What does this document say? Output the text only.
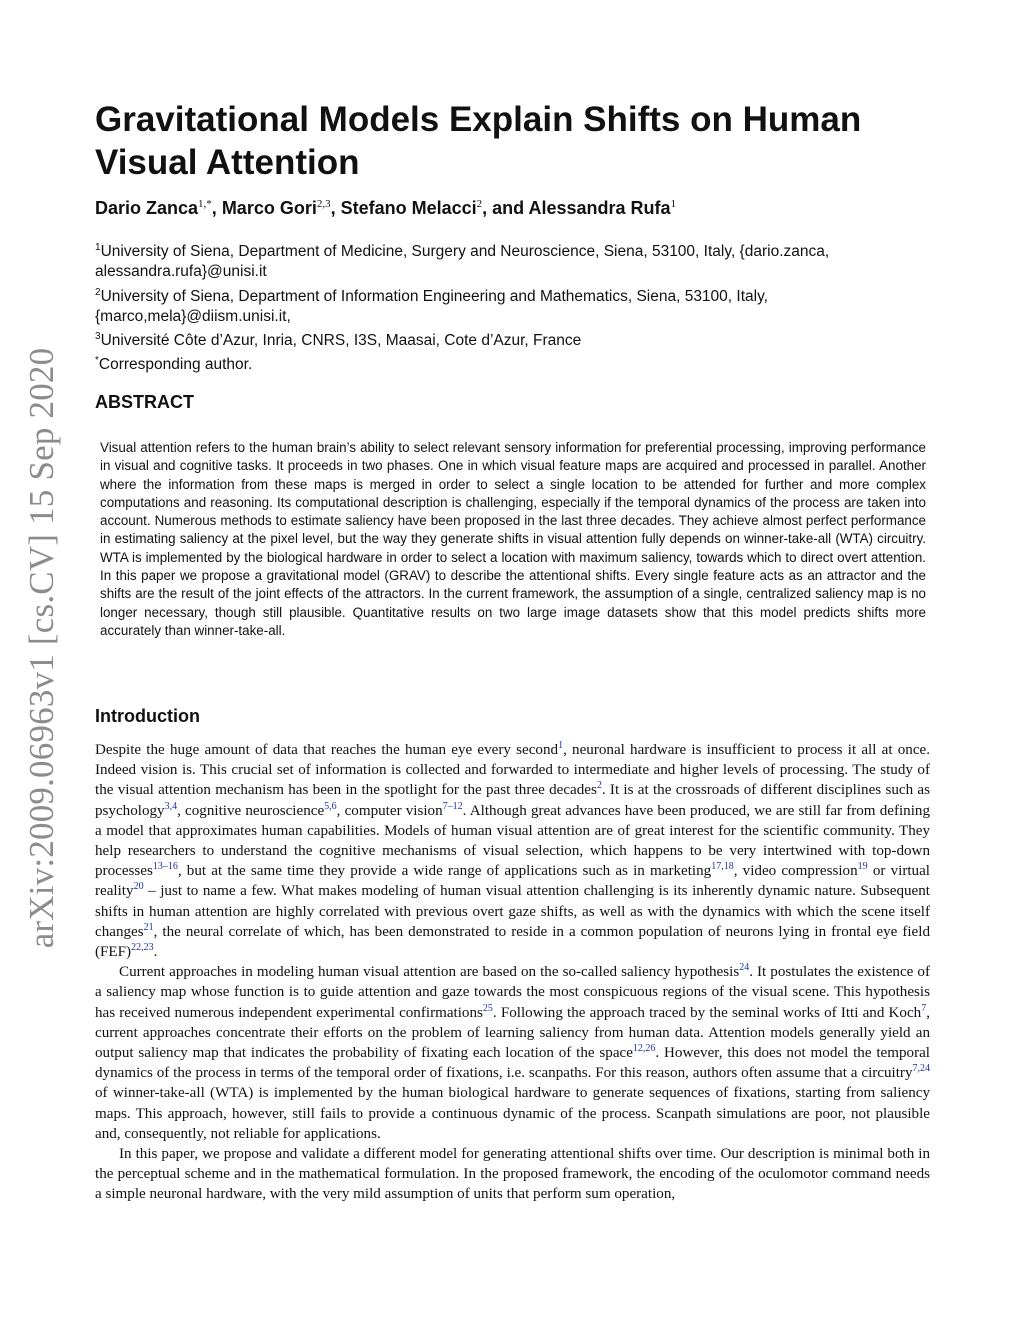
arXiv:2009.06963v1 [cs.CV] 15 Sep 2020
Gravitational Models Explain Shifts on Human Visual Attention
Dario Zanca$^{1,*}$, Marco Gori$^{2,3}$, Stefano Melacci$^2$, and Alessandra Rufa$^1$
$^1$University of Siena, Department of Medicine, Surgery and Neuroscience, Siena, 53100, Italy, {dario.zanca, alessandra.rufa}@unisi.it
$^2$University of Siena, Department of Information Engineering and Mathematics, Siena, 53100, Italy, {marco,mela}@diism.unisi.it,
$^3$Université Côte d’Azur, Inria, CNRS, I3S, Maasai, Cote d’Azur, France
*Corresponding author.
ABSTRACT
Visual attention refers to the human brain’s ability to select relevant sensory information for preferential processing, improving performance in visual and cognitive tasks. It proceeds in two phases. One in which visual feature maps are acquired and processed in parallel. Another where the information from these maps is merged in order to select a single location to be attended for further and more complex computations and reasoning. Its computational description is challenging, especially if the temporal dynamics of the process are taken into account. Numerous methods to estimate saliency have been proposed in the last three decades. They achieve almost perfect performance in estimating saliency at the pixel level, but the way they generate shifts in visual attention fully depends on winner-take-all (WTA) circuitry. WTA is implemented by the biological hardware in order to select a location with maximum saliency, towards which to direct overt attention. In this paper we propose a gravitational model (GRAV) to describe the attentional shifts. Every single feature acts as an attractor and the shifts are the result of the joint effects of the attractors. In the current framework, the assumption of a single, centralized saliency map is no longer necessary, though still plausible. Quantitative results on two large image datasets show that this model predicts shifts more accurately than winner-take-all.
Introduction

Despite the huge amount of data that reaches the human eye every second$^1$, neuronal hardware is insufficient to process it all at once. Indeed vision is. This crucial set of information is collected and forwarded to intermediate and higher levels of processing. The study of the visual attention mechanism has been in the spotlight for the past three decades$^2$. It is at the crossroads of different disciplines such as psychology$^{3,4}$, cognitive neuroscience$^{5,6}$, computer vision$^{7-12}$. Although great advances have been produced, we are still far from defining a model that approximates human capabilities. Models of human visual attention are of great interest for the scientific community. They help researchers to understand the cognitive mechanisms of visual selection, which happens to be very intertwined with top-down processes$^{13-16}$, but at the same time they provide a wide range of applications such as in marketing$^{17,18}$, video compression$^{19}$ or virtual reality$^{20}$ – just to name a few. What makes modeling of human visual attention challenging is its inherently dynamic nature. Subsequent shifts in human attention are highly correlated with previous overt gaze shifts, as well as with the dynamics with which the scene itself changes$^{21}$, the neural correlate of which, has been demonstrated to reside in a common population of neurons lying in frontal eye field (FEF)$^{22,23}$.

Current approaches in modeling human visual attention are based on the so-called saliency hypothesis$^{24}$. It postulates the existence of a saliency map whose function is to guide attention and gaze towards the most conspicuous regions of the visual scene. This hypothesis has received numerous independent experimental confirmations$^{25}$. Following the approach traced by the seminal works of Itti and Koch$^7$, current approaches concentrate their efforts on the problem of learning saliency from human data. Attention models generally yield an output saliency map that indicates the probability of fixating each location of the space$^{12,26}$. However, this does not model the temporal dynamics of the process in terms of the temporal order of fixations, i.e. scanpaths. For this reason, authors often assume that a circuitry$^{7,24}$ of winner-take-all (WTA) is implemented by the human biological hardware to generate sequences of fixations, starting from saliency maps. This approach, however, still fails to provide a continuous dynamic of the process. Scanpath simulations are poor, not plausible and, consequently, not reliable for applications.

In this paper, we propose and validate a different model for generating attentional shifts over time. Our description is minimal both in the perceptual scheme and in the mathematical formulation. In the proposed framework, the encoding of the oculomotor command needs a simple neuronal hardware, with the very mild assumption of units that perform sum operation,
